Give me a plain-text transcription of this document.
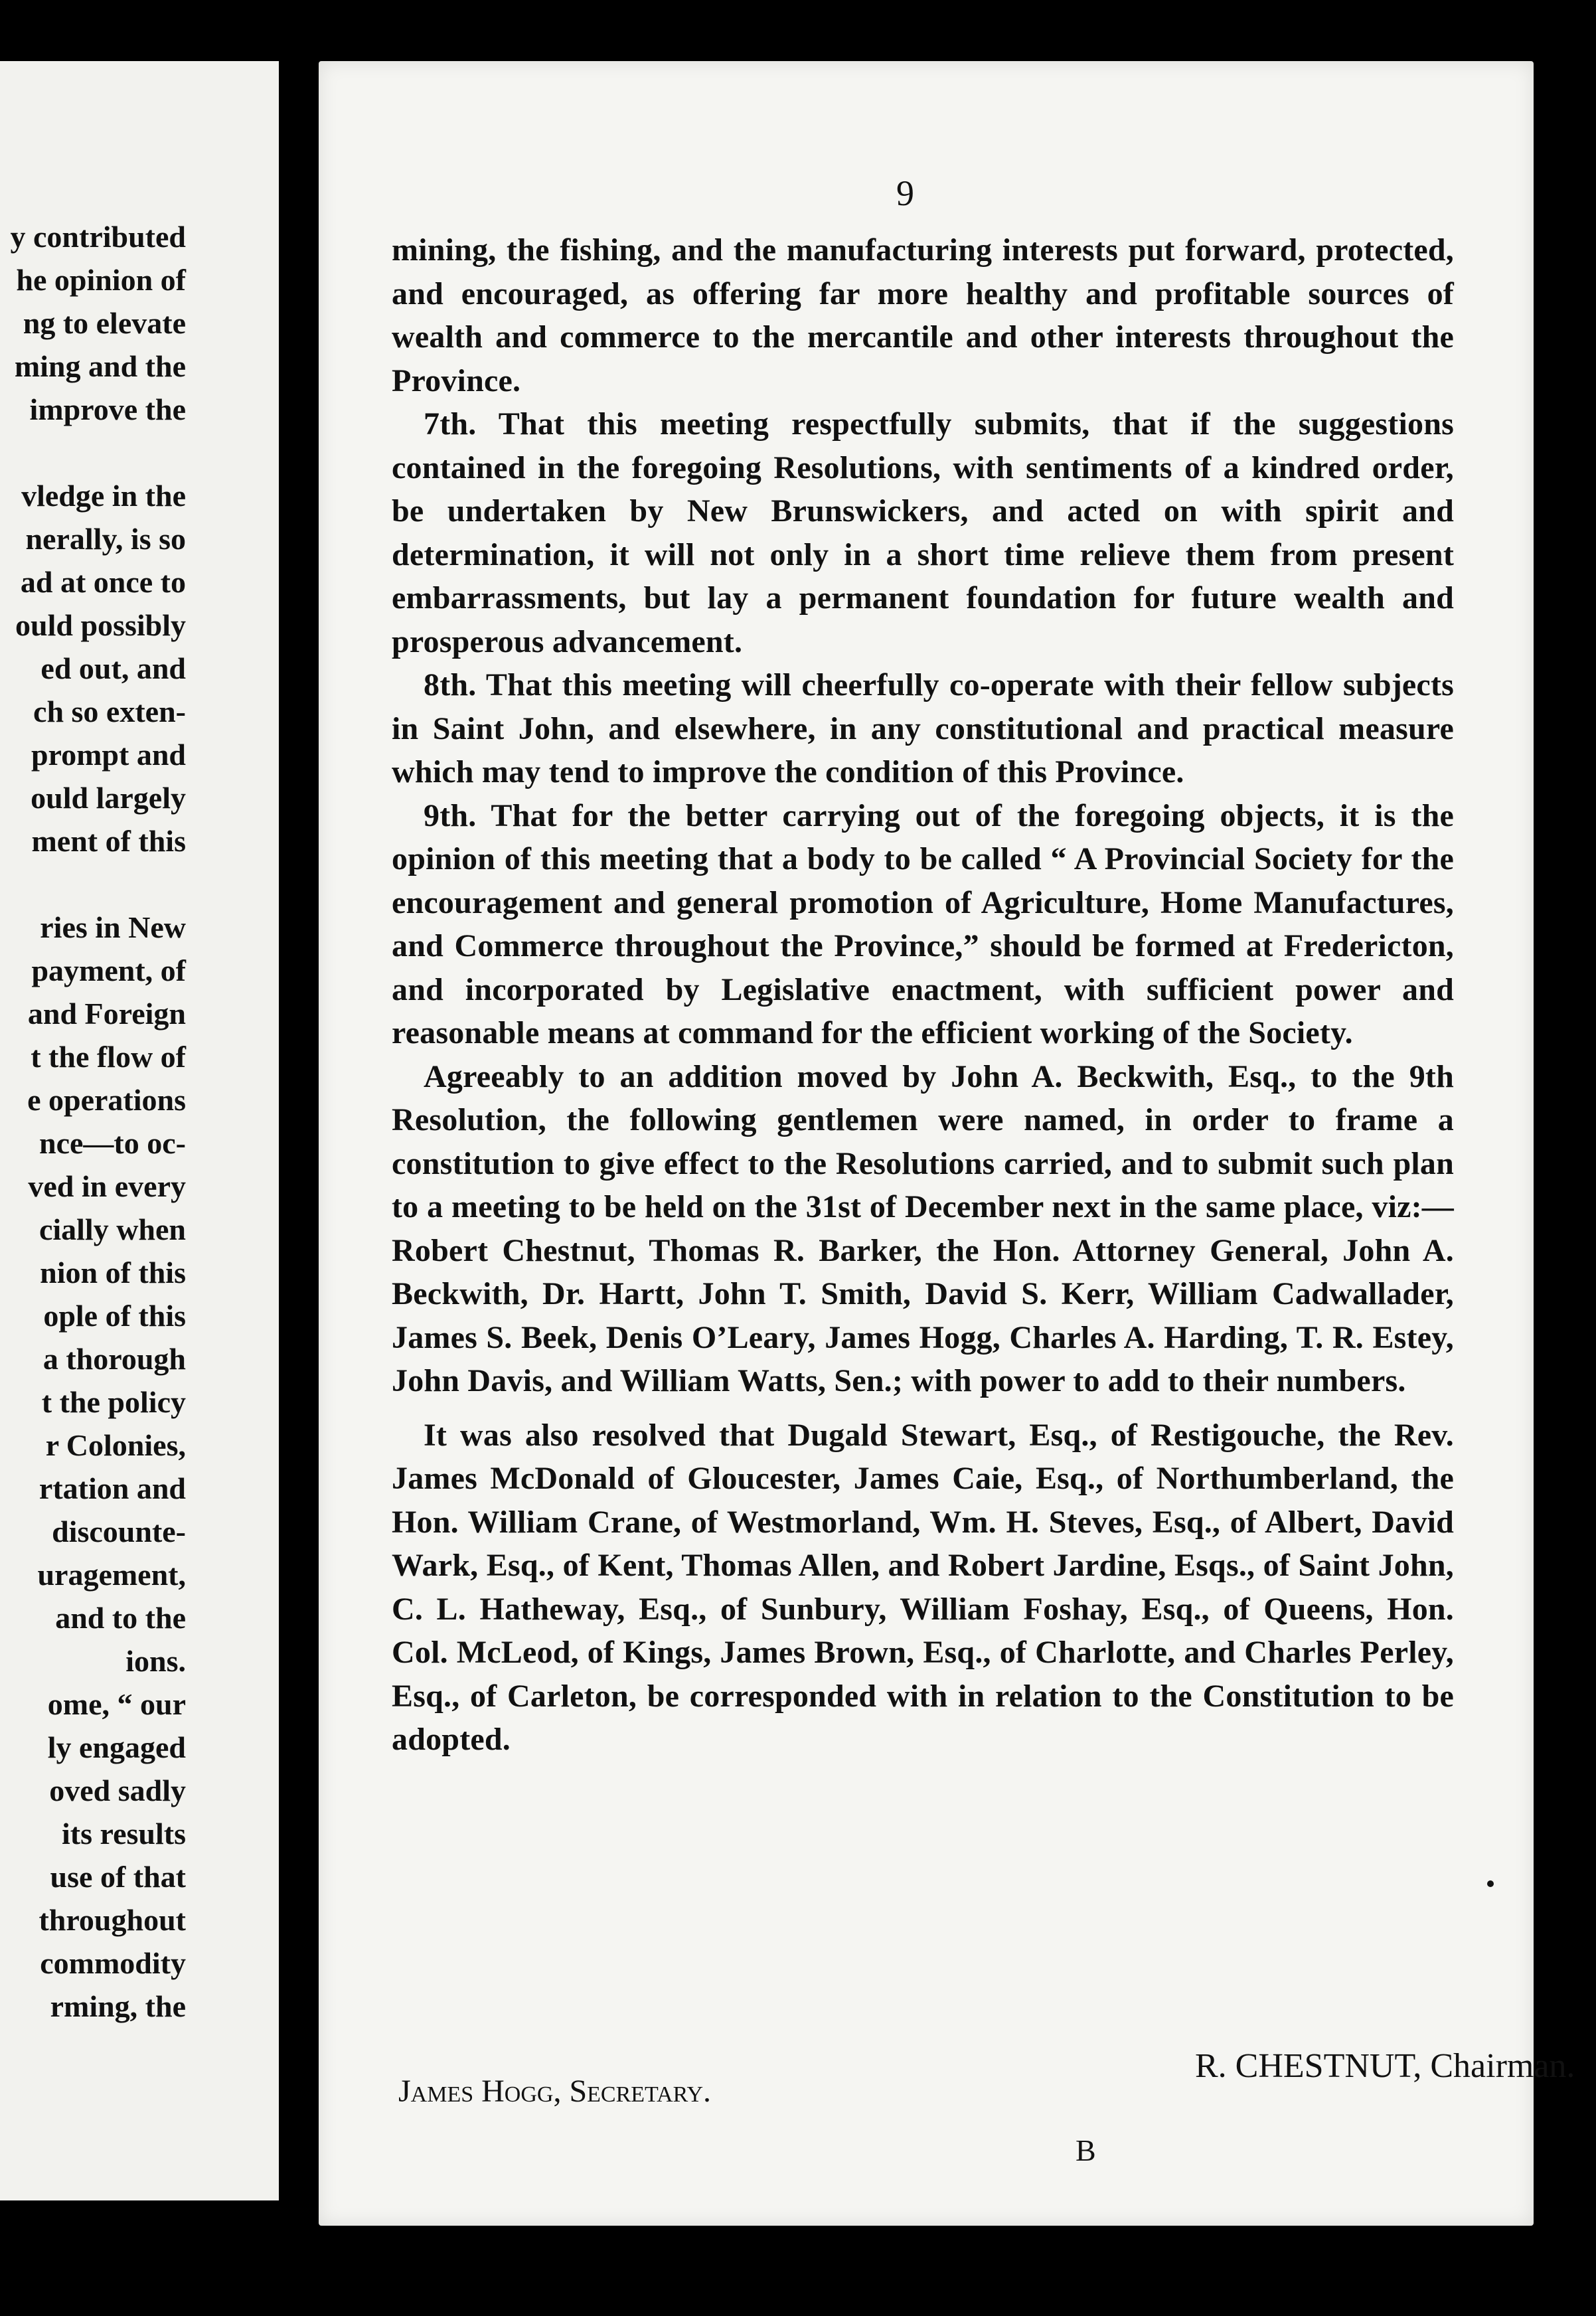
y contributed
he opinion of
ng to elevate
ming and the
improve the
vledge in the
nerally, is so
ad at once to
ould possibly
ed out, and
ch so exten-
prompt and
ould largely
ment of this
ries in New
payment, of
and Foreign
t the flow of
e operations
nce—to oc-
ved in every
cially when
nion of this
ople of this
a thorough
t the policy
r Colonies,
rtation and
discounte-
uragement,
and to the
ions.
ome, “ our
ly engaged
oved sadly
its results
use of that
throughout
commodity
rming, the
9

mining, the fishing, and the manufacturing interests put forward, protected, and encouraged, as offering far more healthy and profitable sources of wealth and commerce to the mercantile and other interests throughout the Province.

7th. That this meeting respectfully submits, that if the suggestions contained in the foregoing Resolutions, with sentiments of a kindred order, be undertaken by New Brunswickers, and acted on with spirit and determination, it will not only in a short time relieve them from present embarrassments, but lay a permanent foundation for future wealth and prosperous advancement.

8th. That this meeting will cheerfully co-operate with their fellow subjects in Saint John, and elsewhere, in any constitutional and practical measure which may tend to improve the condition of this Province.

9th. That for the better carrying out of the foregoing objects, it is the opinion of this meeting that a body to be called “ A Provincial Society for the encouragement and general promotion of Agriculture, Home Manufactures, and Commerce throughout the Province,” should be formed at Fredericton, and incorporated by Legislative enactment, with sufficient power and reasonable means at command for the efficient working of the Society.

Agreeably to an addition moved by John A. Beckwith, Esq., to the 9th Resolution, the following gentlemen were named, in order to frame a constitution to give effect to the Resolutions carried, and to submit such plan to a meeting to be held on the 31st of December next in the same place, viz:—Robert Chestnut, Thomas R. Barker, the Hon. Attorney General, John A. Beckwith, Dr. Hartt, John T. Smith, David S. Kerr, William Cadwallader, James S. Beek, Denis O’Leary, James Hogg, Charles A. Harding, T. R. Estey, John Davis, and William Watts, Sen.; with power to add to their numbers.

It was also resolved that Dugald Stewart, Esq., of Restigouche, the Rev. James McDonald of Gloucester, James Caie, Esq., of Northumberland, the Hon. William Crane, of Westmorland, Wm. H. Steves, Esq., of Albert, David Wark, Esq., of Kent, Thomas Allen, and Robert Jardine, Esqs., of Saint John, C. L. Hatheway, Esq., of Sunbury, William Foshay, Esq., of Queens, Hon. Col. McLeod, of Kings, James Brown, Esq., of Charlotte, and Charles Perley, Esq., of Carleton, be corresponded with in relation to the Constitution to be adopted.

R. CHESTNUT, Chairman.
James Hogg, Secretary.
B
